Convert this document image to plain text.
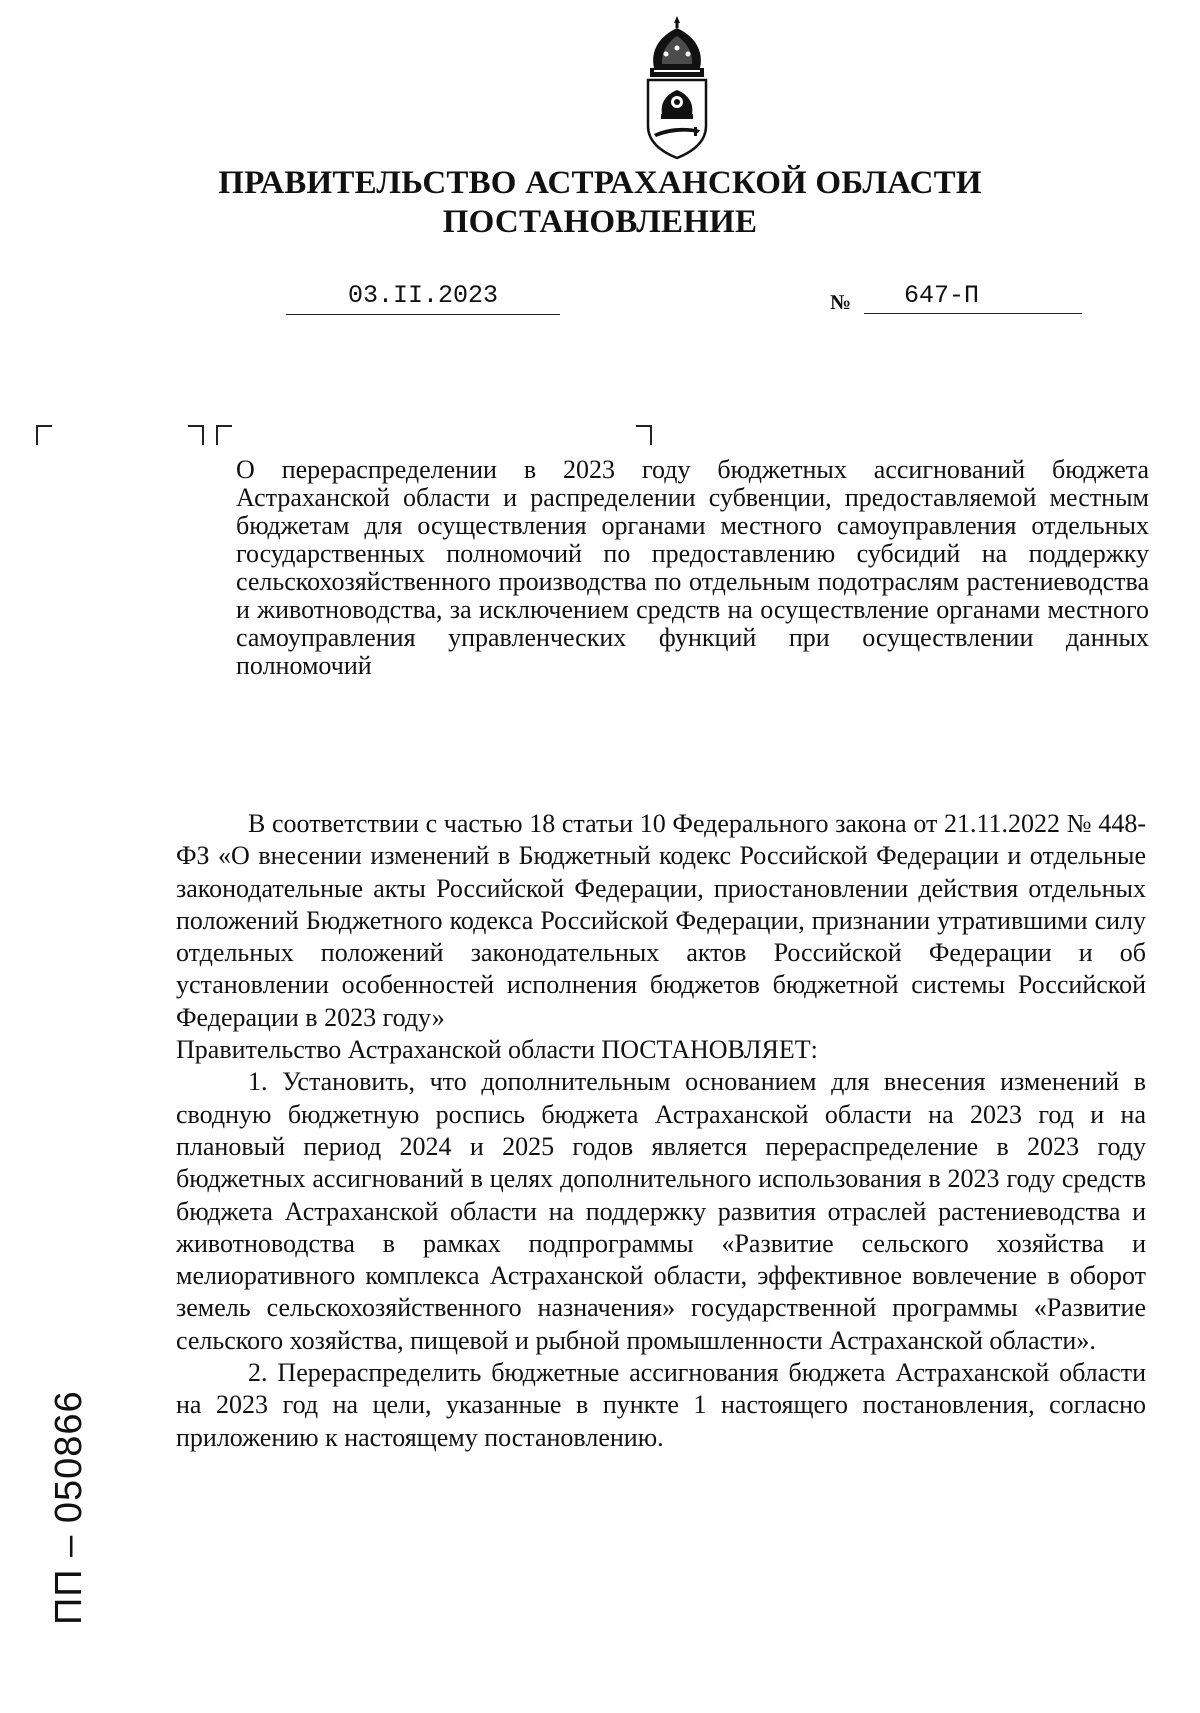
ПРАВИТЕЛЬСТВО АСТРАХАНСКОЙ ОБЛАСТИ
ПОСТАНОВЛЕНИЕ
03.II.2023	№	647-П
О перераспределении в 2023 году бюджетных ассигнований бюджета Астраханской области и распределении субвенции, предоставляемой местным бюджетам для осуществления органами местного самоуправления отдельных государственных полномочий по предоставлению субсидий на поддержку сельскохозяйственного производства по отдельным подотраслям растениеводства и животноводства, за исключением средств на осуществление органами местного самоуправления управленческих функций при осуществлении данных полномочий

В соответствии с частью 18 статьи 10 Федерального закона от 21.11.2022 № 448-ФЗ «О внесении изменений в Бюджетный кодекс Российской Федерации и отдельные законодательные акты Российской Федерации, приостановлении действия отдельных положений Бюджетного кодекса Российской Федерации, признании утратившими силу отдельных положений законодательных актов Российской Федерации и об установлении особенностей исполнения бюджетов бюджетной системы Российской Федерации в 2023 году»

Правительство Астраханской области ПОСТАНОВЛЯЕТ:

1. Установить, что дополнительным основанием для внесения изменений в сводную бюджетную роспись бюджета Астраханской области на 2023 год и на плановый период 2024 и 2025 годов является перераспределение в 2023 году бюджетных ассигнований в целях дополнительного использования в 2023 году средств бюджета Астраханской области на поддержку развития отраслей растениеводства и животноводства в рамках подпрограммы «Развитие сельского хозяйства и мелиоративного комплекса Астраханской области, эффективное вовлечение в оборот земель сельскохозяйственного назначения» государственной программы «Развитие сельского хозяйства, пищевой и рыбной промышленности Астраханской области».

2. Перераспределить бюджетные ассигнования бюджета Астраханской области на 2023 год на цели, указанные в пункте 1 настоящего постановления, согласно приложению к настоящему постановлению.

ПП – 050866
